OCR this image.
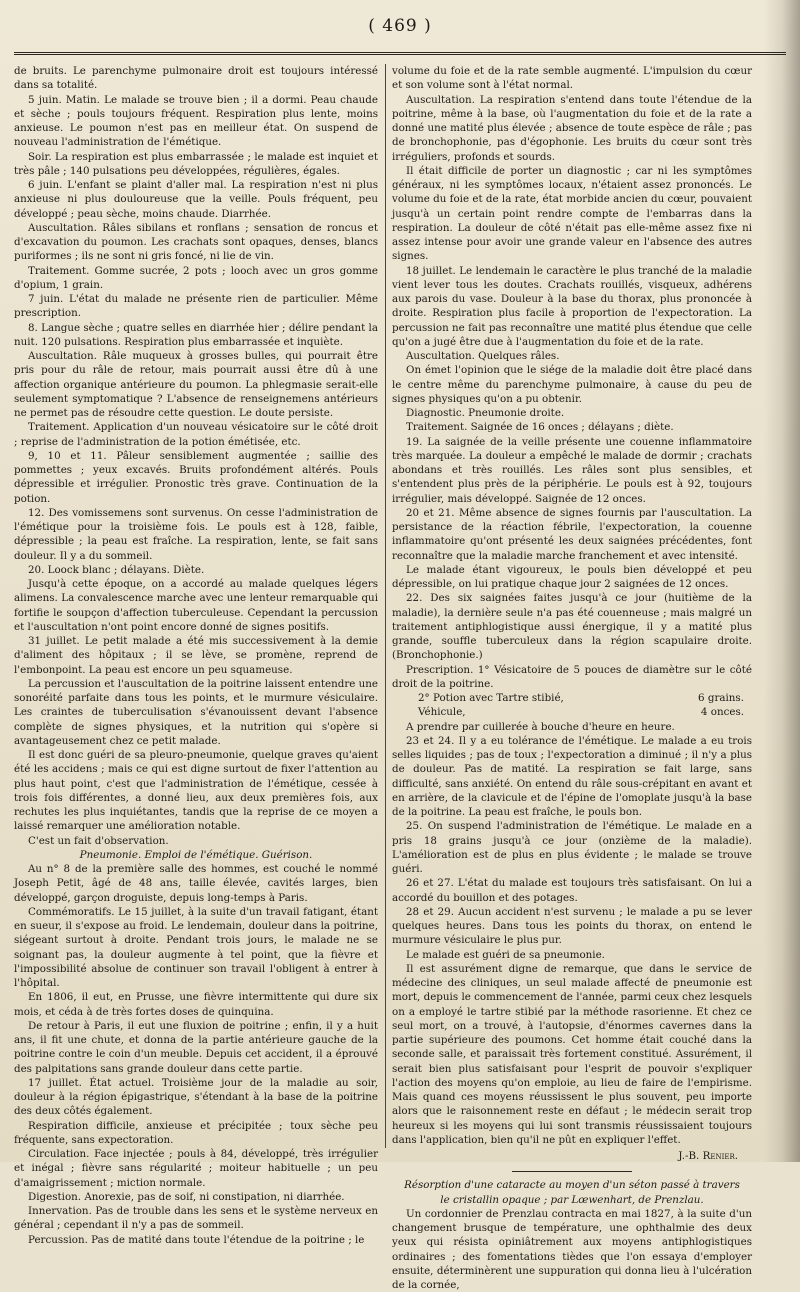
( 469 )

de bruits. Le parenchyme pulmonaire droit est toujours intéressé dans sa totalité.

5 juin. Matin. Le malade se trouve bien ; il a dormi. Peau chaude et sèche ; pouls toujours fréquent. Respiration plus lente, moins anxieuse. Le poumon n'est pas en meilleur état. On suspend de nouveau l'administration de l'émétique.

Soir. La respiration est plus embarrassée ; le malade est inquiet et très pâle ; 140 pulsations peu développées, régulières, égales.

6 juin. L'enfant se plaint d'aller mal. La respiration n'est ni plus anxieuse ni plus douloureuse que la veille. Pouls fréquent, peu développé ; peau sèche, moins chaude. Diarrhée.

Auscultation. Râles sibilans et ronflans ; sensation de roncus et d'excavation du poumon. Les crachats sont opaques, denses, blancs puriformes ; ils ne sont ni gris foncé, ni lie de vin.

Traitement. Gomme sucrée, 2 pots ; looch avec un gros gomme d'opium, 1 grain.

7 juin. L'état du malade ne présente rien de particulier. Même prescription.

8. Langue sèche ; quatre selles en diarrhée hier ; délire pendant la nuit. 120 pulsations. Respiration plus embarrassée et inquiète.

Auscultation. Râle muqueux à grosses bulles, qui pourrait être pris pour du râle de retour, mais pourrait aussi être dû à une affection organique antérieure du poumon. La phlegmasie serait-elle seulement symptomatique ? L'absence de renseignemens antérieurs ne permet pas de résoudre cette question. Le doute persiste.

Traitement. Application d'un nouveau vésicatoire sur le côté droit ; reprise de l'administration de la potion émétisée, etc.

9, 10 et 11. Pâleur sensiblement augmentée ; saillie des pommettes ; yeux excavés. Bruits profondément altérés. Pouls dépressible et irrégulier. Pronostic très grave. Continuation de la potion.

12. Des vomissemens sont survenus. On cesse l'administration de l'émétique pour la troisième fois. Le pouls est à 128, faible, dépressible ; la peau est fraîche. La respiration, lente, se fait sans douleur. Il y a du sommeil.

20. Loock blanc ; délayans. Diète.

Jusqu'à cette époque, on a accordé au malade quelques légers alimens. La convalescence marche avec une lenteur remarquable qui fortifie le soupçon d'affection tuberculeuse. Cependant la percussion et l'auscultation n'ont point encore donné de signes positifs.

31 juillet. Le petit malade a été mis successivement à la demie d'aliment des hôpitaux ; il se lève, se promène, reprend de l'embonpoint. La peau est encore un peu squameuse.

La percussion et l'auscultation de la poitrine laissent entendre une sonoréité parfaite dans tous les points, et le murmure vésiculaire. Les craintes de tuberculisation s'évanouissent devant l'absence complète de signes physiques, et la nutrition qui s'opère si avantageusement chez ce petit malade.

Il est donc guéri de sa pleuro-pneumonie, quelque graves qu'aient été les accidens ; mais ce qui est digne surtout de fixer l'attention au plus haut point, c'est que l'administration de l'émétique, cessée à trois fois différentes, a donné lieu, aux deux premières fois, aux rechutes les plus inquiétantes, tandis que la reprise de ce moyen a laissé remarquer une amélioration notable.

C'est un fait d'observation.

Pneumonie. Emploi de l'émétique. Guérison.

Au n° 8 de la première salle des hommes, est couché le nommé Joseph Petit, âgé de 48 ans, taille élevée, cavités larges, bien développé, garçon droguiste, depuis long-temps à Paris.

Commémoratifs. Le 15 juillet, à la suite d'un travail fatigant, étant en sueur, il s'expose au froid. Le lendemain, douleur dans la poitrine, siégeant surtout à droite. Pendant trois jours, le malade ne se soignant pas, la douleur augmente à tel point, que la fièvre et l'impossibilité absolue de continuer son travail l'obligent à entrer à l'hôpital.

En 1806, il eut, en Prusse, une fièvre intermittente qui dure six mois, et céda à de très fortes doses de quinquina.

De retour à Paris, il eut une fluxion de poitrine ; enfin, il y a huit ans, il fit une chute, et donna de la partie antérieure gauche de la poitrine contre le coin d'un meuble. Depuis cet accident, il a éprouvé des palpitations sans grande douleur dans cette partie.

17 juillet. État actuel. Troisième jour de la maladie au soir, douleur à la région épigastrique, s'étendant à la base de la poitrine des deux côtés également.

Respiration difficile, anxieuse et précipitée ; toux sèche peu fréquente, sans expectoration.

Circulation. Face injectée ; pouls à 84, développé, très irrégulier et inégal ; fièvre sans régularité ; moiteur habituelle ; un peu d'amaigrissement ; miction normale.

Digestion. Anorexie, pas de soif, ni constipation, ni diarrhée.

Innervation. Pas de trouble dans les sens et le système nerveux en général ; cependant il n'y a pas de sommeil.

Percussion. Pas de matité dans toute l'étendue de la poitrine ; le

volume du foie et de la rate semble augmenté. L'impulsion du cœur et son volume sont à l'état normal.

Auscultation. La respiration s'entend dans toute l'étendue de la poitrine, même à la base, où l'augmentation du foie et de la rate a donné une matité plus élevée ; absence de toute espèce de râle ; pas de bronchophonie, pas d'égophonie. Les bruits du cœur sont très irréguliers, profonds et sourds.

Il était difficile de porter un diagnostic ; car ni les symptômes généraux, ni les symptômes locaux, n'étaient assez prononcés. Le volume du foie et de la rate, état morbide ancien du cœur, pouvaient jusqu'à un certain point rendre compte de l'embarras dans la respiration. La douleur de côté n'était pas elle-même assez fixe ni assez intense pour avoir une grande valeur en l'absence des autres signes.

18 juillet. Le lendemain le caractère le plus tranché de la maladie vient lever tous les doutes. Crachats rouillés, visqueux, adhérens aux parois du vase. Douleur à la base du thorax, plus prononcée à droite. Respiration plus facile à proportion de l'expectoration. La percussion ne fait pas reconnaître une matité plus étendue que celle qu'on a jugé être due à l'augmentation du foie et de la rate.

Auscultation. Quelques râles.

On émet l'opinion que le siége de la maladie doit être placé dans le centre même du parenchyme pulmonaire, à cause du peu de signes physiques qu'on a pu obtenir.

Diagnostic. Pneumonie droite.

Traitement. Saignée de 16 onces ; délayans ; diète.

19. La saignée de la veille présente une couenne inflammatoire très marquée. La douleur a empêché le malade de dormir ; crachats abondans et très rouillés. Les râles sont plus sensibles, et s'entendent plus près de la périphérie. Le pouls est à 92, toujours irrégulier, mais développé. Saignée de 12 onces.

20 et 21. Même absence de signes fournis par l'auscultation. La persistance de la réaction fébrile, l'expectoration, la couenne inflammatoire qu'ont présenté les deux saignées précédentes, font reconnaître que la maladie marche franchement et avec intensité.

Le malade étant vigoureux, le pouls bien développé et peu dépressible, on lui pratique chaque jour 2 saignées de 12 onces.

22. Des six saignées faites jusqu'à ce jour (huitième de la maladie), la dernière seule n'a pas été couenneuse ; mais malgré un traitement antiphlogistique aussi énergique, il y a matité plus grande, souffle tuberculeux dans la région scapulaire droite. (Bronchophonie.)

Prescription. 1° Vésicatoire de 5 pouces de diamètre sur le côté droit de la poitrine.

2° Potion avec Tartre stibié,	6 grains.
Véhicule,	4 onces.

A prendre par cuillerée à bouche d'heure en heure.

23 et 24. Il y a eu tolérance de l'émétique. Le malade a eu trois selles liquides ; pas de toux ; l'expectoration a diminué ; il n'y a plus de douleur. Pas de matité. La respiration se fait large, sans difficulté, sans anxiété. On entend du râle sous-crépitant en avant et en arrière, de la clavicule et de l'épine de l'omoplate jusqu'à la base de la poitrine. La peau est fraîche, le pouls bon.

25. On suspend l'administration de l'émétique. Le malade en a pris 18 grains jusqu'à ce jour (onzième de la maladie). L'amélioration est de plus en plus évidente ; le malade se trouve guéri.

26 et 27. L'état du malade est toujours très satisfaisant. On lui a accordé du bouillon et des potages.

28 et 29. Aucun accident n'est survenu ; le malade a pu se lever quelques heures. Dans tous les points du thorax, on entend le murmure vésiculaire le plus pur.

Le malade est guéri de sa pneumonie.

Il est assurément digne de remarque, que dans le service de médecine des cliniques, un seul malade affecté de pneumonie est mort, depuis le commencement de l'année, parmi ceux chez lesquels on a employé le tartre stibié par la méthode rasorienne. Et chez ce seul mort, on a trouvé, à l'autopsie, d'énormes cavernes dans la partie supérieure des poumons. Cet homme était couché dans la seconde salle, et paraissait très fortement constitué. Assurément, il serait bien plus satisfaisant pour l'esprit de pouvoir s'expliquer l'action des moyens qu'on emploie, au lieu de faire de l'empirisme. Mais quand ces moyens réussissent le plus souvent, peu importe alors que le raisonnement reste en défaut ; le médecin serait trop heureux si les moyens qui lui sont transmis réussissaient toujours dans l'application, bien qu'il ne pût en expliquer l'effet.

J.-B. Renier.

Résorption d'une cataracte au moyen d'un séton passé à travers le cristallin opaque ; par Lœwenhart, de Prenzlau.

Un cordonnier de Prenzlau contracta en mai 1827, à la suite d'un changement brusque de température, une ophthalmie des deux yeux qui résista opiniâtrement aux moyens antiphlogistiques ordinaires ; des fomentations tièdes que l'on essaya d'employer ensuite, déterminèrent une suppuration qui donna lieu à l'ulcération de la cornée,
